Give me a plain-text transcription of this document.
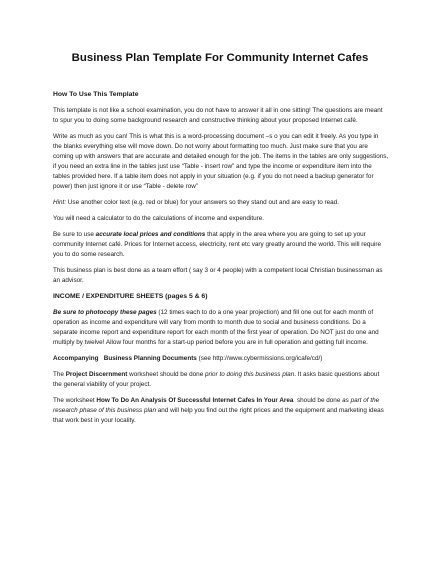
Business Plan Template For Community Internet Cafes
How To Use This Template

This template is not like a school examination, you do not have to answer it all in one sitting! The questions are meant to spur you to doing some background research and constructive thinking about your proposed Internet café.

Write as much as you can! This is what this is a word-processing document –s o you can edit it freely. As you type in the blanks everything else will move down. Do not worry about formatting too much. Just make sure that you are coming up with answers that are accurate and detailed enough for the job. The items in the tables are only suggestions, if you need an extra line in the tables just use “Table - insert row” and type the income or expenditure item into the tables provided here. If a table item does not apply in your situation (e.g. if you do not need a backup generator for power) then just ignore it or use “Table - delete row”

Hint: Use another color text (e.g. red or blue) for your answers so they stand out and are easy to read.

You will need a calculator to do the calculations of income and expenditure.

Be sure to use accurate local prices and conditions that apply in the area where you are going to set up your community Internet café. Prices for Internet access, electricity, rent etc vary greatly around the world. This will require you to do some research.

This business plan is best done as a team effort ( say 3 or 4 people) with a competent local Christian businessman as an advisor.

INCOME / EXPENDITURE SHEETS (pages 5 & 6)

Be sure to photocopy these pages (12 times each to do a one year projection) and fill one out for each month of operation as income and expenditure will vary from month to month due to social and business conditions. Do a separate income report and expenditure report for each month of the first year of operation. Do NOT just do one and multiply by twelve! Allow four months for a start-up period before you are in full operation and getting full income.

Accompanying Business Planning Documents (see http://www.cybermissions.org/icafe/cd/)

The Project Discernment worksheet should be done prior to doing this business plan. It asks basic questions about the general viability of your project.

The worksheet How To Do An Analysis Of Successful Internet Cafes In Your Area  should be done as part of the research phase of this business plan and will help you find out the right prices and the equipment and marketing ideas that work best in your locality.
